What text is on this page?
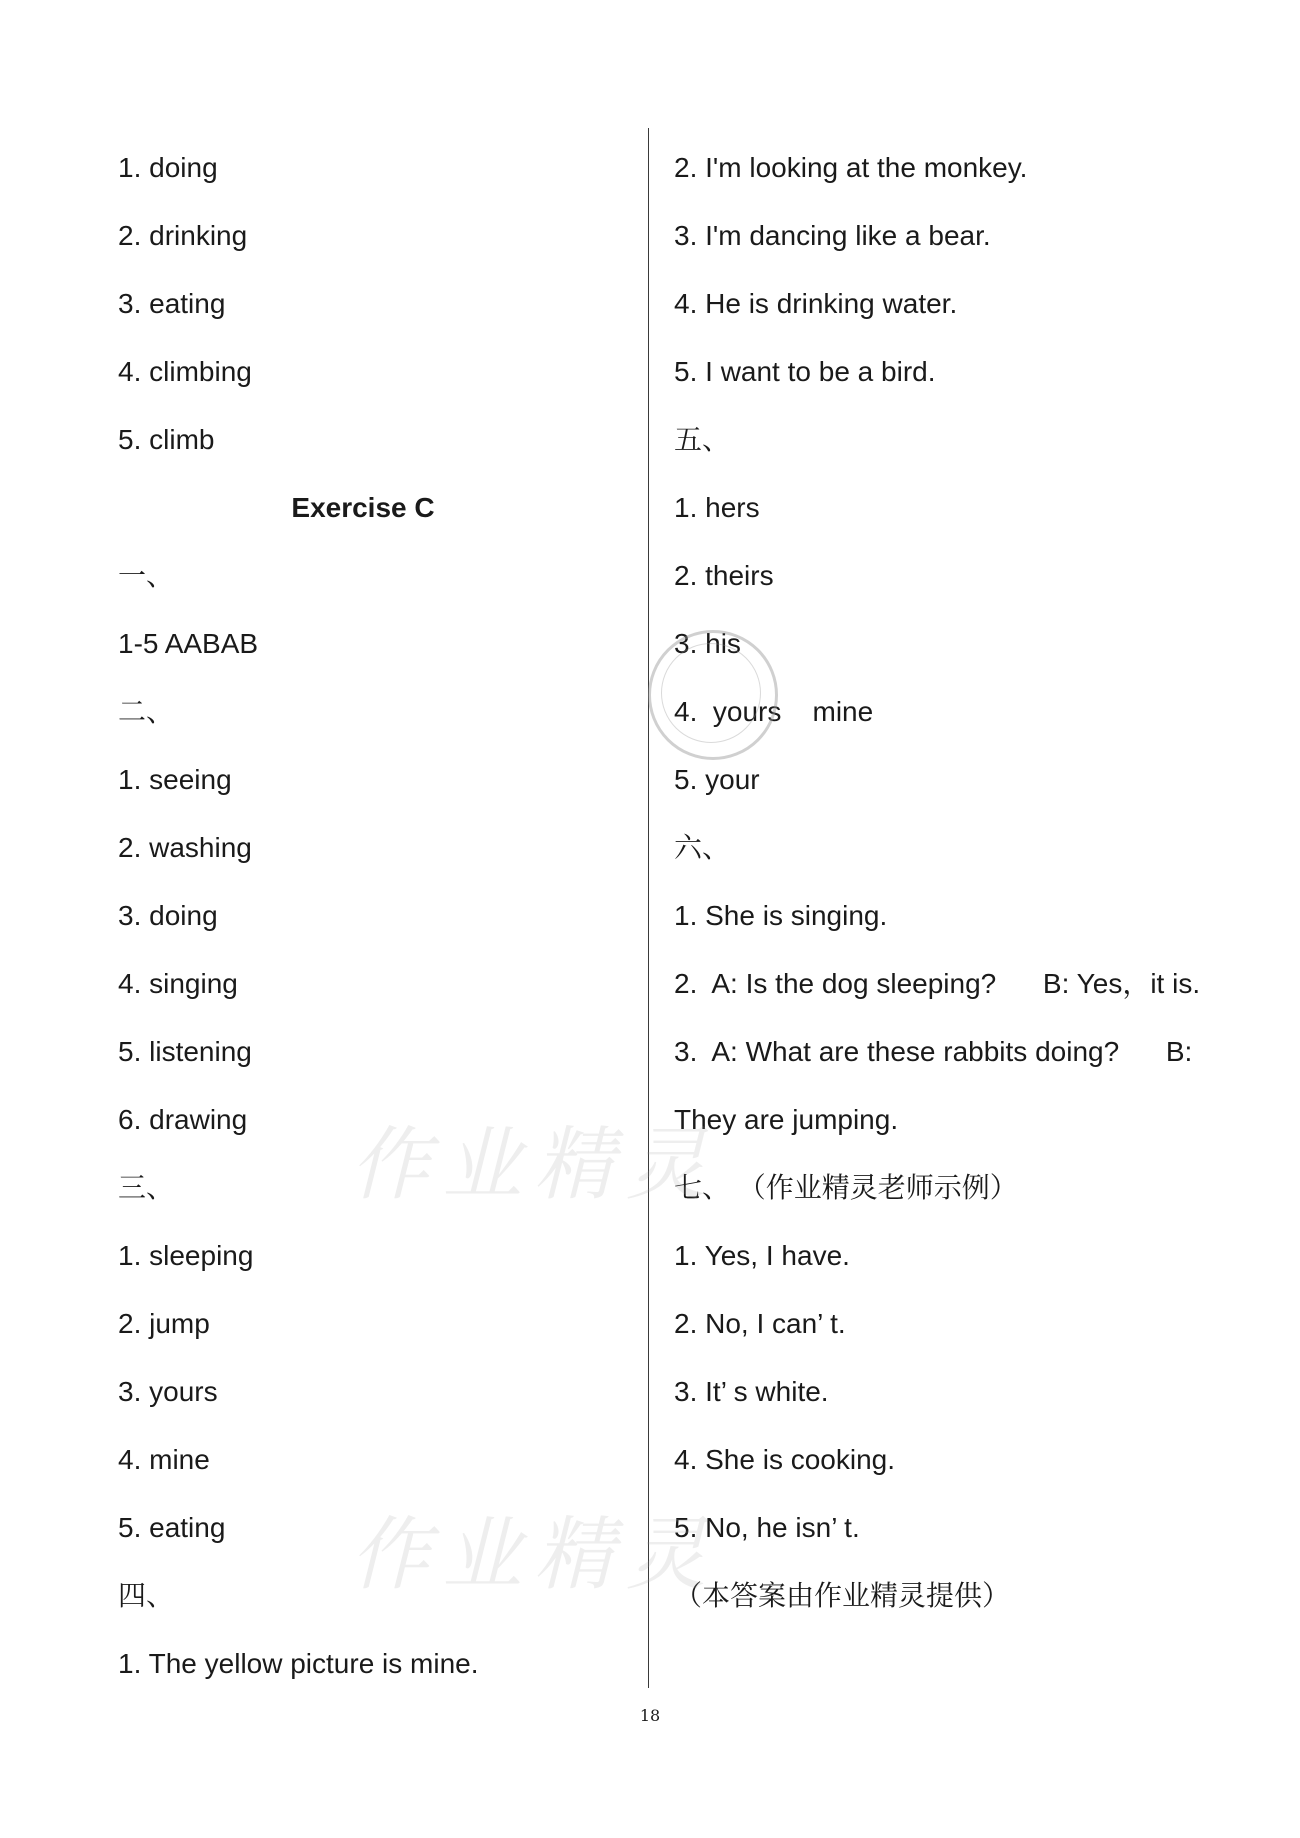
1. doing
2. drinking
3. eating
4. climbing
5. climb
Exercise C
一、
1-5 AABAB
二、
1. seeing
2. washing
3. doing
4. singing
5. listening
6. drawing
三、
1. sleeping
2. jump
3. yours
4. mine
5. eating
四、
1. The yellow picture is mine.
2. I'm looking at the monkey.
3. I'm dancing like a bear.
4. He is drinking water.
5. I want to be a bird.
五、
1. hers
2. theirs
3. his
4.  yours    mine
5. your
六、
1. She is singing.
2.  A: Is the dog sleeping?      B: Yes，it is.
3.  A: What are these rabbits doing?      B:
They are jumping.
七、 （作业精灵老师示例）
1. Yes, I have.
2. No, I can’ t.
3. It’ s white.
4. She is cooking.
5. No, he isn’ t.
（本答案由作业精灵提供）
作业精灵
作业精灵
18
